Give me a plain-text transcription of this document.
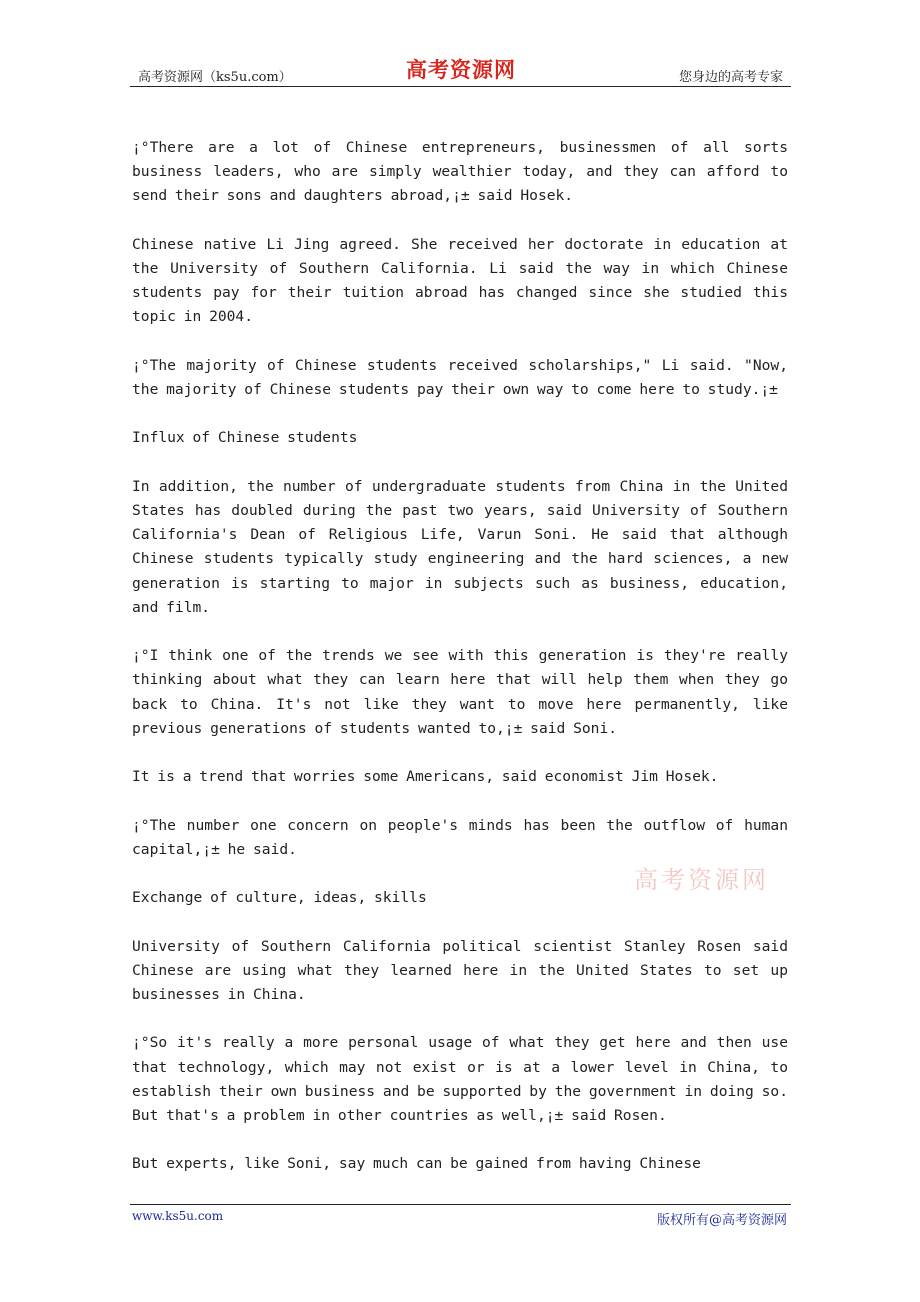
高考资源网（ks5u.com）	高考资源网	您身边的高考专家

¡°There are a lot of Chinese entrepreneurs, businessmen of all sorts business leaders, who are simply wealthier today, and they can afford to send their sons and daughters abroad,¡± said Hosek.

Chinese native Li Jing agreed. She received her doctorate in education at the University of Southern California. Li said the way in which Chinese students pay for their tuition abroad has changed since she studied this topic in 2004.

¡°The majority of Chinese students received scholarships," Li said. "Now, the majority of Chinese students pay their own way to come here to study.¡±

Influx of Chinese students

In addition, the number of undergraduate students from China in the United States has doubled during the past two years, said University of Southern California's Dean of Religious Life, Varun Soni. He said that although Chinese students typically study engineering and the hard sciences, a new generation is starting to major in subjects such as business, education, and film.

¡°I think one of the trends we see with this generation is they're really thinking about what they can learn here that will help them when they go back to China. It's not like they want to move here permanently, like previous generations of students wanted to,¡± said Soni.

It is a trend that worries some Americans, said economist Jim Hosek.

¡°The number one concern on people's minds has been the outflow of human capital,¡± he said.

Exchange of culture, ideas, skills

University of Southern California political scientist Stanley Rosen said Chinese are using what they learned here in the United States to set up businesses in China.

¡°So it's really a more personal usage of what they get here and then use that technology, which may not exist or is at a lower level in China, to establish their own business and be supported by the government in doing so. But that's a problem in other countries as well,¡± said Rosen.

But experts, like Soni, say much can be gained from having Chinese

高考资源网
www.ks5u.com	版权所有@高考资源网
